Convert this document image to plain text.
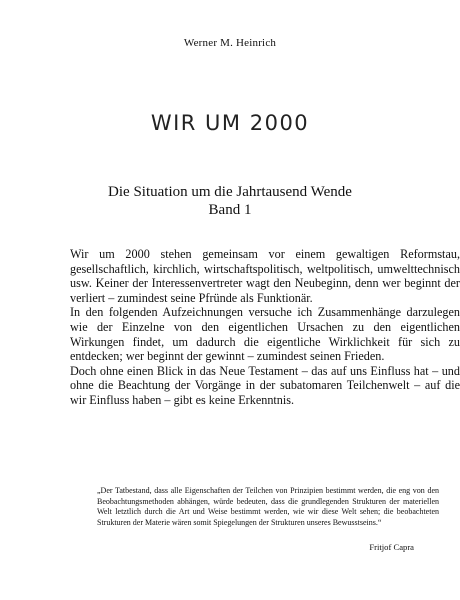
Werner M. Heinrich
WIR UM 2000
Die Situation um die Jahrtausend Wende
Band 1

Wir um 2000 stehen gemeinsam vor einem gewaltigen Reformstau, gesellschaftlich, kirchlich, wirtschaftspolitisch, weltpolitisch, umwelttechnisch usw. Keiner der Interessenvertreter wagt den Neubeginn, denn wer beginnt der verliert – zumindest seine Pfründe als Funktionär.

In den folgenden Aufzeichnungen versuche ich Zusammenhänge darzulegen wie der Einzelne von den eigentlichen Ursachen zu den eigentlichen Wirkungen findet, um dadurch die eigentliche Wirklichkeit für sich zu entdecken; wer beginnt der gewinnt – zumindest seinen Frieden.

Doch ohne einen Blick in das Neue Testament – das auf uns Einfluss hat – und ohne die Beachtung der Vorgänge in der subatomaren Teilchenwelt – auf die wir Einfluss haben – gibt es keine Erkenntnis.

„Der Tatbestand, dass alle Eigenschaften der Teilchen von Prinzipien bestimmt werden, die eng von den Beobachtungsmethoden abhängen, würde bedeuten, dass die grundlegenden Strukturen der materiellen Welt letztlich durch die Art und Weise bestimmt werden, wie wir diese Welt sehen; die beobachteten Strukturen der Materie wären somit Spiegelungen der Strukturen unseres Bewusstseins.“
Fritjof Capra
